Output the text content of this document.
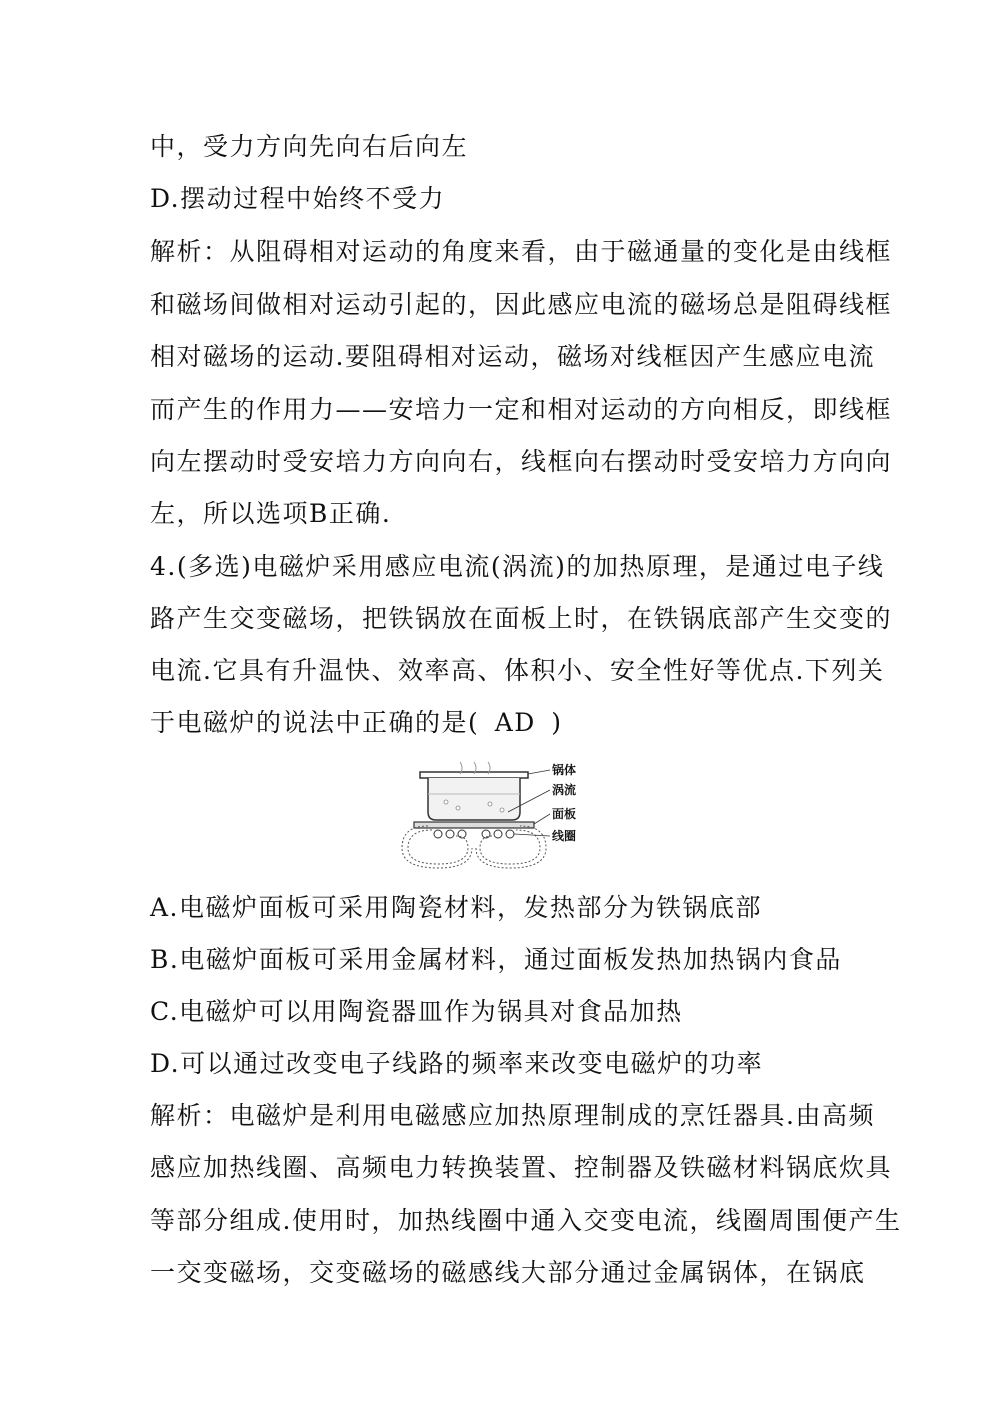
中，受力方向先向右后向左
D.摆动过程中始终不受力
解析：从阻碍相对运动的角度来看，由于磁通量的变化是由线框
和磁场间做相对运动引起的，因此感应电流的磁场总是阻碍线框
相对磁场的运动.要阻碍相对运动，磁场对线框因产生感应电流
而产生的作用力——安培力一定和相对运动的方向相反，即线框
向左摆动时受安培力方向向右，线框向右摆动时受安培力方向向
左，所以选项B正确.
4.(多选)电磁炉采用感应电流(涡流)的加热原理，是通过电子线
路产生交变磁场，把铁锅放在面板上时，在铁锅底部产生交变的
电流.它具有升温快、效率高、体积小、安全性好等优点.下列关
于电磁炉的说法中正确的是( AD )
锅体
涡流
面板
线圈
A.电磁炉面板可采用陶瓷材料，发热部分为铁锅底部
B.电磁炉面板可采用金属材料，通过面板发热加热锅内食品
C.电磁炉可以用陶瓷器皿作为锅具对食品加热
D.可以通过改变电子线路的频率来改变电磁炉的功率
解析：电磁炉是利用电磁感应加热原理制成的烹饪器具.由高频
感应加热线圈、高频电力转换装置、控制器及铁磁材料锅底炊具
等部分组成.使用时，加热线圈中通入交变电流，线圈周围便产生
一交变磁场，交变磁场的磁感线大部分通过金属锅体，在锅底
